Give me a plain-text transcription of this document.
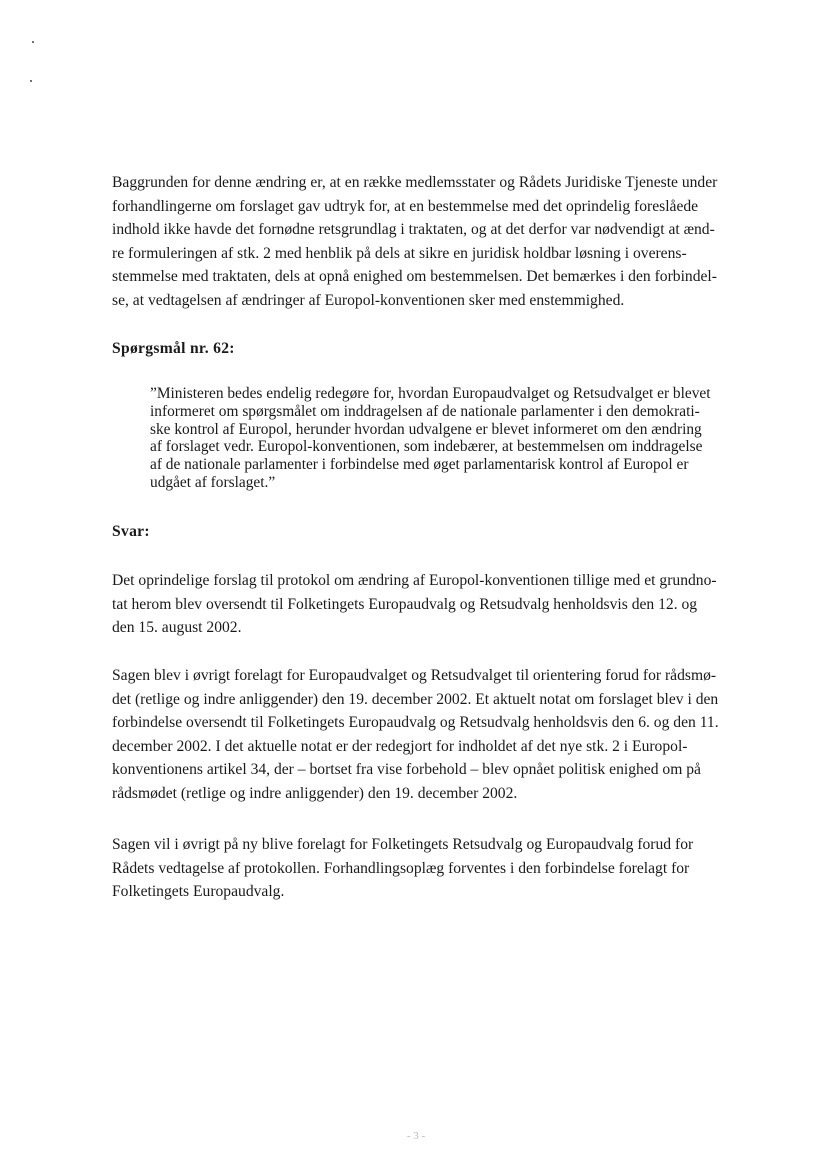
Baggrunden for denne ændring er, at en række medlemsstater og Rådets Juridiske Tjeneste under
forhandlingerne om forslaget gav udtryk for, at en bestemmelse med det oprindelig foreslåede
indhold ikke havde det fornødne retsgrundlag i traktaten, og at det derfor var nødvendigt at ænd-
re formuleringen af stk. 2 med henblik på dels at sikre en juridisk holdbar løsning i overens-
stemmelse med traktaten, dels at opnå enighed om bestemmelsen. Det bemærkes i den forbindel-
se, at vedtagelsen af ændringer af Europol-konventionen sker med enstemmighed.
Spørgsmål nr. 62:
”Ministeren bedes endelig redegøre for, hvordan Europaudvalget og Retsudvalget er blevet
informeret om spørgsmålet om inddragelsen af de nationale parlamenter i den demokrati-
ske kontrol af Europol, herunder hvordan udvalgene er blevet informeret om den ændring
af forslaget vedr. Europol-konventionen, som indebærer, at bestemmelsen om inddragelse
af de nationale parlamenter i forbindelse med øget parlamentarisk kontrol af Europol er
udgået af forslaget.”
Svar:
Det oprindelige forslag til protokol om ændring af Europol-konventionen tillige med et grundno-
tat herom blev oversendt til Folketingets Europaudvalg og Retsudvalg henholdsvis den 12. og
den 15. august 2002.
Sagen blev i øvrigt forelagt for Europaudvalget og Retsudvalget til orientering forud for rådsmø-
det (retlige og indre anliggender) den 19. december 2002. Et aktuelt notat om forslaget blev i den
forbindelse oversendt til Folketingets Europaudvalg og Retsudvalg henholdsvis den 6. og den 11.
december 2002. I det aktuelle notat er der redegjort for indholdet af det nye stk. 2 i Europol-
konventionens artikel 34, der – bortset fra vise forbehold – blev opnået politisk enighed om på
rådsmødet (retlige og indre anliggender) den 19. december 2002.
Sagen vil i øvrigt på ny blive forelagt for Folketingets Retsudvalg og Europaudvalg forud for
Rådets vedtagelse af protokollen. Forhandlingsoplæg forventes i den forbindelse forelagt for
Folketingets Europaudvalg.
- 3 -
